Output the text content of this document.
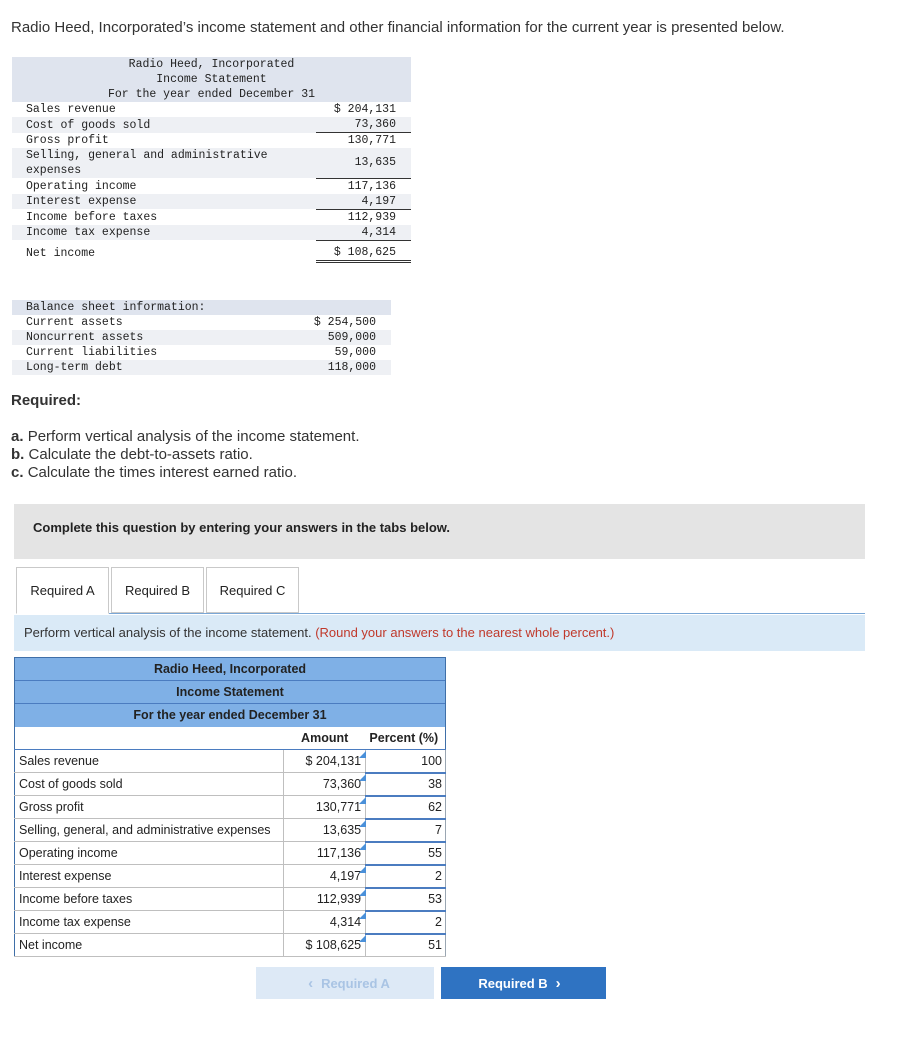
Radio Heed, Incorporated’s income statement and other financial information for the current year is presented below.
Radio Heed, Incorporated	
Income Statement	
For the year ended December 31	
Sales revenue	$ 204,131
Cost of goods sold	73,360
Gross profit	130,771
Selling, general and administrative	13,635
expenses	
Operating income	117,136
Interest expense	4,197
Income before taxes	112,939
Income tax expense	4,314
Net income	$ 108,625
Balance sheet information:	
Current assets	$ 254,500
Noncurrent assets	509,000
Current liabilities	59,000
Long-term debt	118,000
Required:
a. Perform vertical analysis of the income statement.
b. Calculate the debt-to-assets ratio.
c. Calculate the times interest earned ratio.
Complete this question by entering your answers in the tabs below.
Required A	Required B	Required C
Perform vertical analysis of the income statement. (Round your answers to the nearest whole percent.)
Radio Heed, Incorporated		
Income Statement		
For the year ended December 31		
	Amount	Percent (%)
Sales revenue	$ 204,131	100
Cost of goods sold	73,360	38
Gross profit	130,771	62
Selling, general, and administrative expenses	13,635	7
Operating income	117,136	55
Interest expense	4,197	2
Income before taxes	112,939	53
Income tax expense	4,314	2
Net income	$ 108,625	51
‹ Required A	Required B ›
